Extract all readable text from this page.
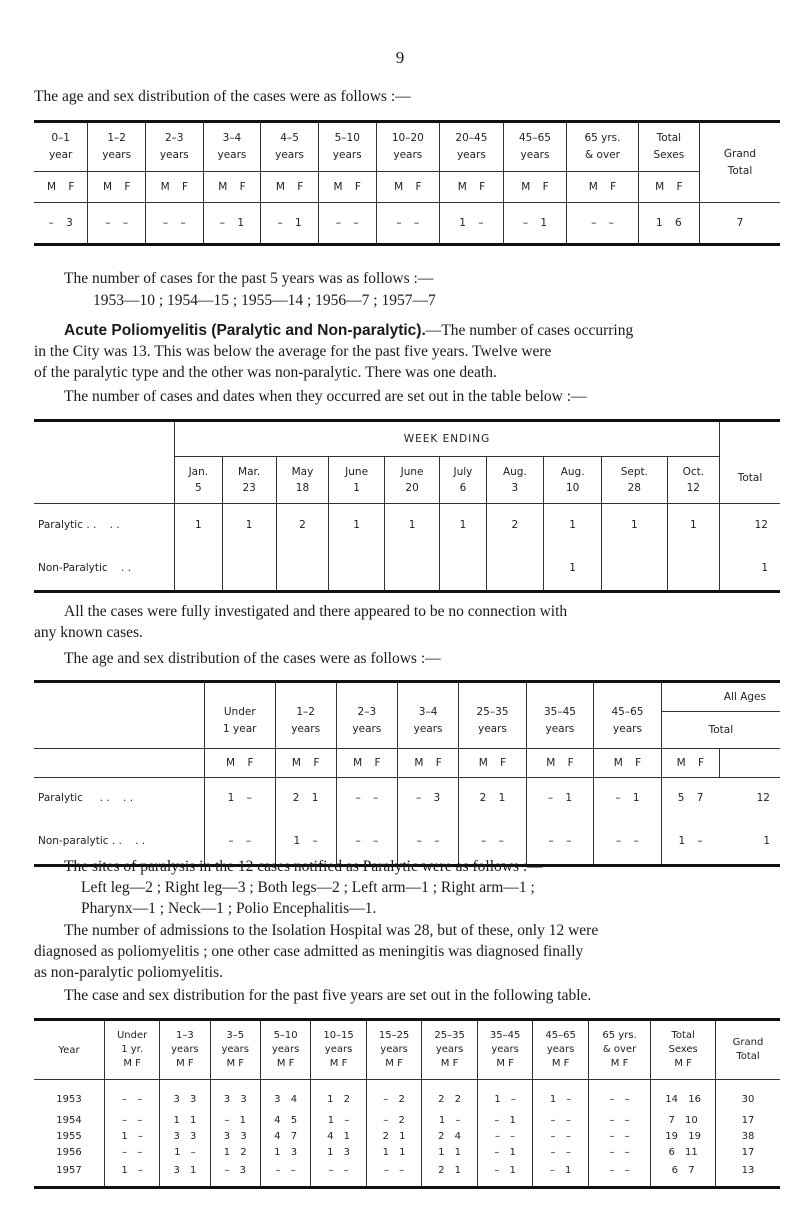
9
The age and sex distribution of the cases were as follows :—
0–1
year	1–2
years	2–3
years	3–4
years	4–5
years	5–10
years	10–20
years	20–45
years	45–65
years	65 yrs.
& over	Total
Sexes	Grand
Total
M F	M F	M F	M F	M F	M F	M F	M F	M F	M F	M F	
– 3	– –	– –	– 1	– 1	– –	– –	1 –	– 1	– –	1 6	7
The number of cases for the past 5 years was as follows :—
1953—10 ; 1954—15 ; 1955—14 ; 1956—7 ; 1957—7
Acute Poliomyelitis (Paralytic and Non-paralytic).—The number of cases occurring
in the City was 13. This was below the average for the past five years. Twelve were
of the paralytic type and the other was non-paralytic. There was one death.
The number of cases and dates when they occurred are set out in the table below :—
	WEEK ENDING										Total
	Jan.
5	Mar.
23	May
18	June
1	June
20	July
6	Aug.
3	Aug.
10	Sept.
28	Oct.
12	
Paralytic . .    . .	1	1	2	1	1	1	2	1	1	1	12
Non-Paralytic    . .								1			1
All the cases were fully investigated and there appeared to be no connection with
any known cases.
The age and sex distribution of the cases were as follows :—
	Under
1 year	1–2
years	2–3
years	3–4
years	25–35
years	35–45
years	45–65
years	All Ages	
								Total	
	M F	M F	M F	M F	M F	M F	M F	M F	
Paralytic     . .    . .	1 –	2 1	– –	– 3	2 1	– 1	– 1	5 7	12
Non-paralytic . .    . .	– –	1 –	– –	– –	– –	– –	– –	1 –	1
The sites of paralysis in the 12 cases notified as Paralytic were as follows :—
Left leg—2 ; Right leg—3 ; Both legs—2 ; Left arm—1 ; Right arm—1 ;
Pharynx—1 ; Neck—1 ; Polio Encephalitis—1.
The number of admissions to the Isolation Hospital was 28, but of these, only 12 were
diagnosed as poliomyelitis ; one other case admitted as meningitis was diagnosed finally
as non-paralytic poliomyelitis.
The case and sex distribution for the past five years are set out in the following table.
Year	Under
1 yr.
M F	1–3
years
M F	3–5
years
M F	5–10
years
M F	10–15
years
M F	15–25
years
M F	25–35
years
M F	35–45
years
M F	45–65
years
M F	65 yrs.
& over
M F	Total
Sexes
M F	Grand
Total
1953	– –	3 3	3 3	3 4	1 2	– 2	2 2	1 –	1 –	– –	14 16	30
1954	– –	1 1	– 1	4 5	1 –	– 2	1 –	– 1	– –	– –	7 10	17
1955	1 –	3 3	3 3	4 7	4 1	2 1	2 4	– –	– –	– –	19 19	38
1956	– –	1 –	1 2	1 3	1 3	1 1	1 1	– 1	– –	– –	6 11	17
1957	1 –	3 1	– 3	– –	– –	– –	2 1	– 1	– 1	– –	6 7	13
